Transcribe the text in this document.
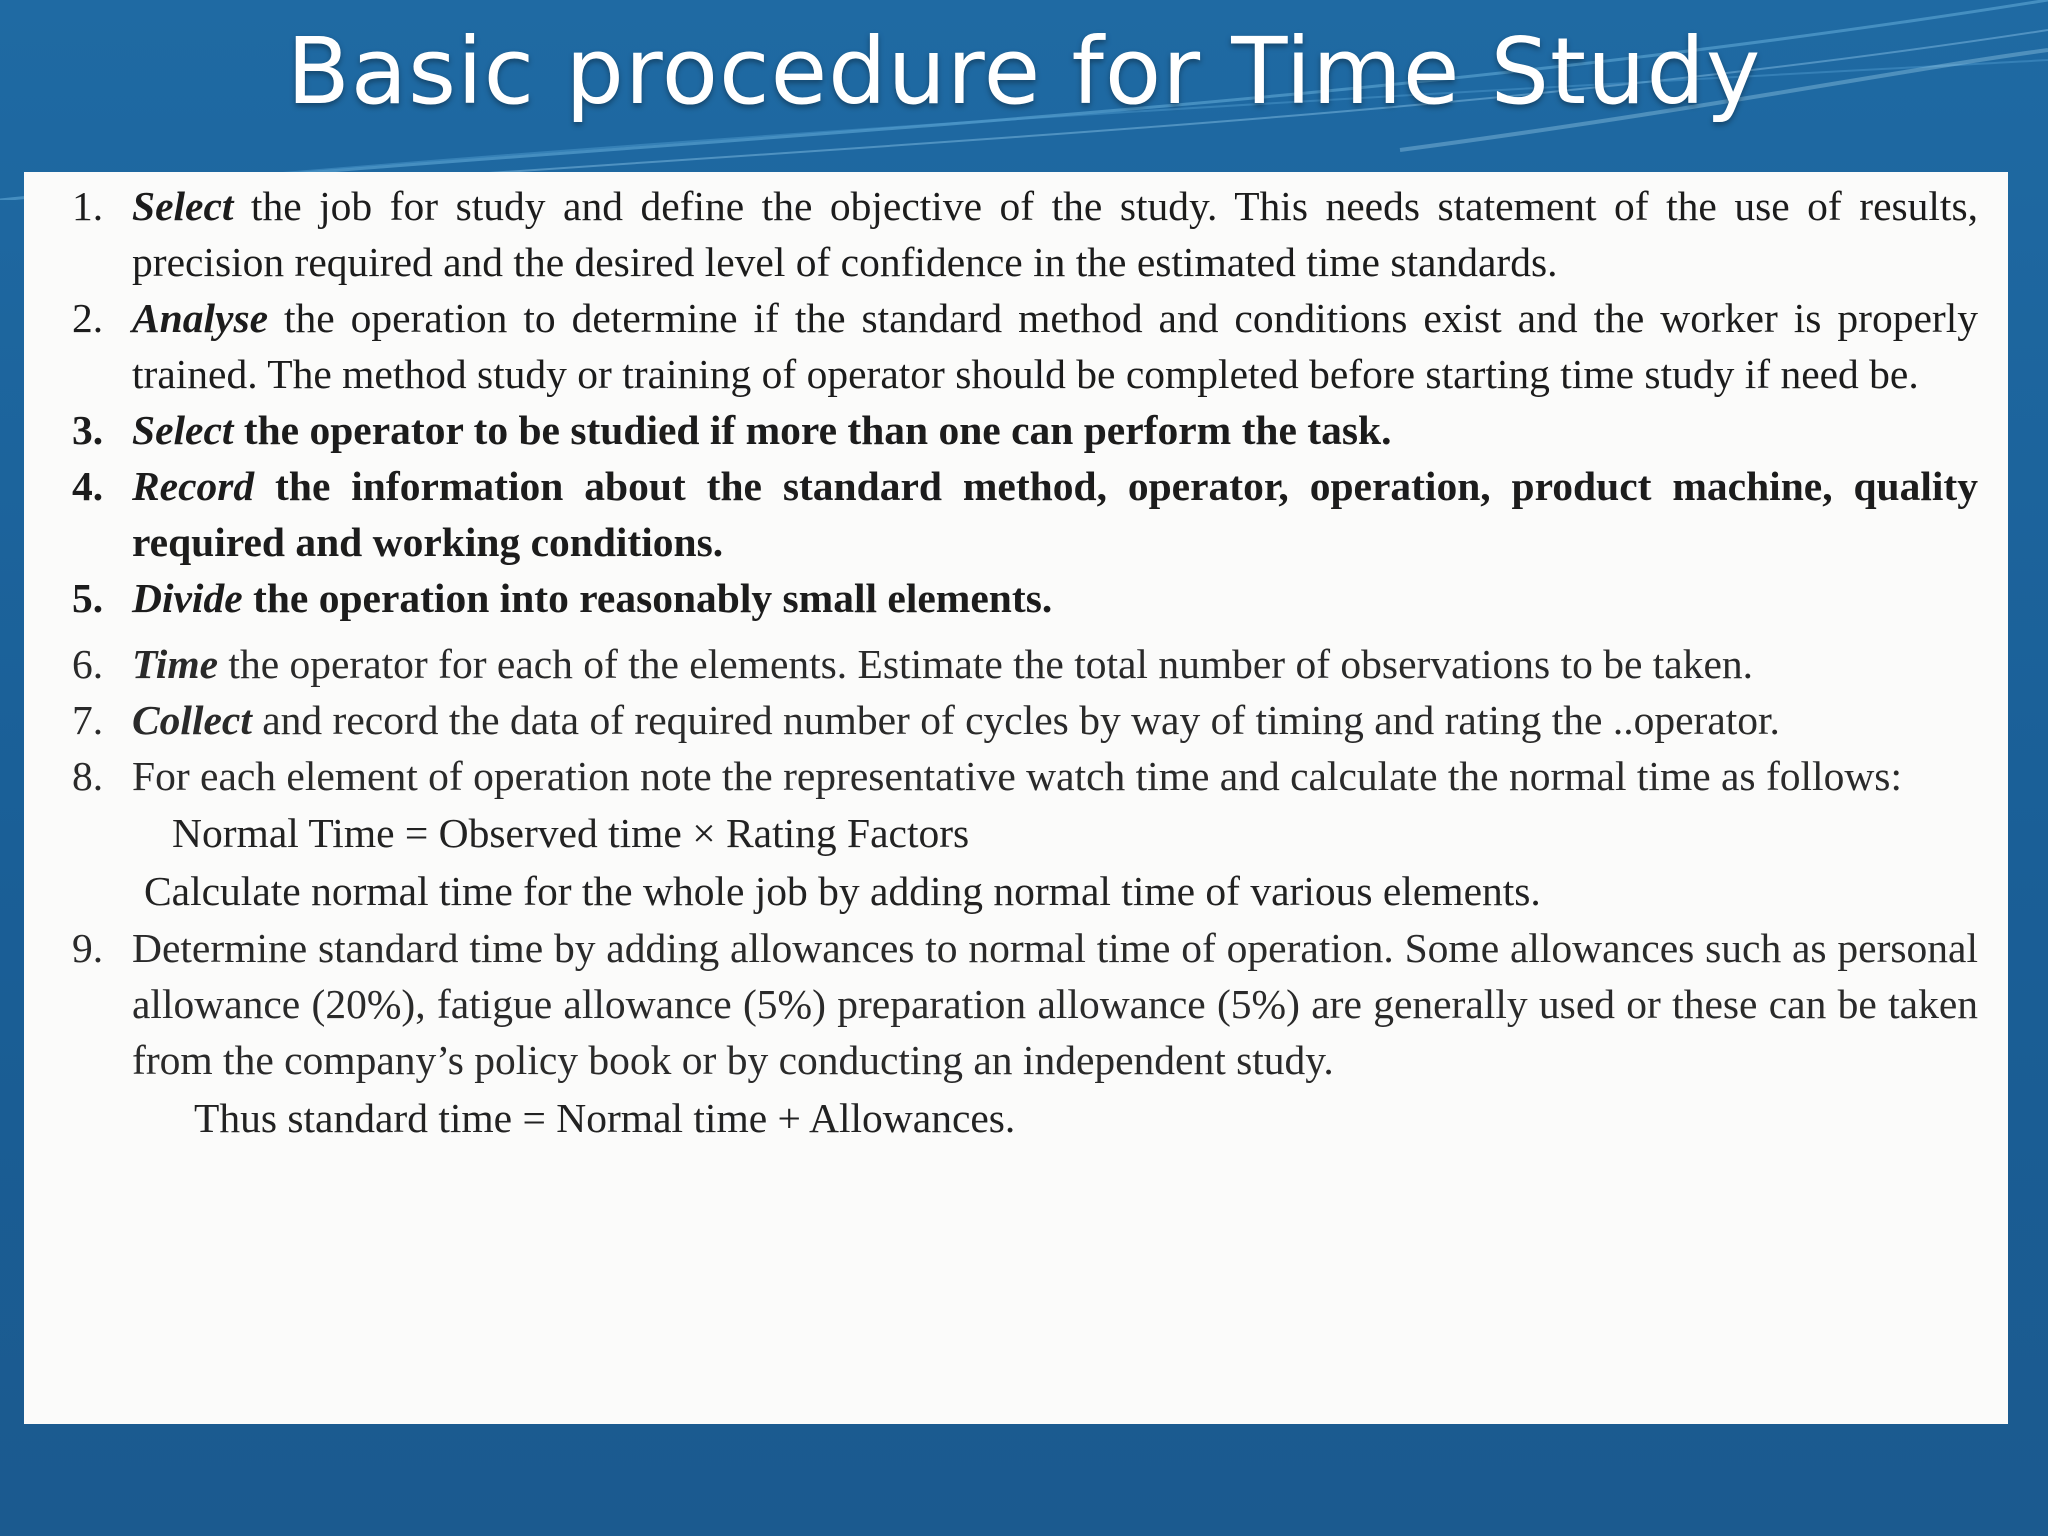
Basic procedure for Time Study
1. Select the job for study and define the objective of the study. This needs statement of the use of results, precision required and the desired level of confidence in the estimated time standards.
2. Analyse the operation to determine if the standard method and conditions exist and the worker is properly trained. The method study or training of operator should be completed before starting time study if need be.
3. Select the operator to be studied if more than one can perform the task.
4. Record the information about the standard method, operator, operation, product machine, quality required and working conditions.
5. Divide the operation into reasonably small elements.
6. Time the operator for each of the elements. Estimate the total number of observations to be taken.
7. Collect and record the data of required number of cycles by way of timing and rating the ..operator.
8. For each element of operation note the representative watch time and calculate the normal time as follows:
Normal Time = Observed time × Rating Factors
Calculate normal time for the whole job by adding normal time of various elements.
9. Determine standard time by adding allowances to normal time of operation. Some allowances such as personal allowance (20%), fatigue allowance (5%) preparation allowance (5%) are generally used or these can be taken from the company’s policy book or by conducting an independent study.
Thus standard time = Normal time + Allowances.
